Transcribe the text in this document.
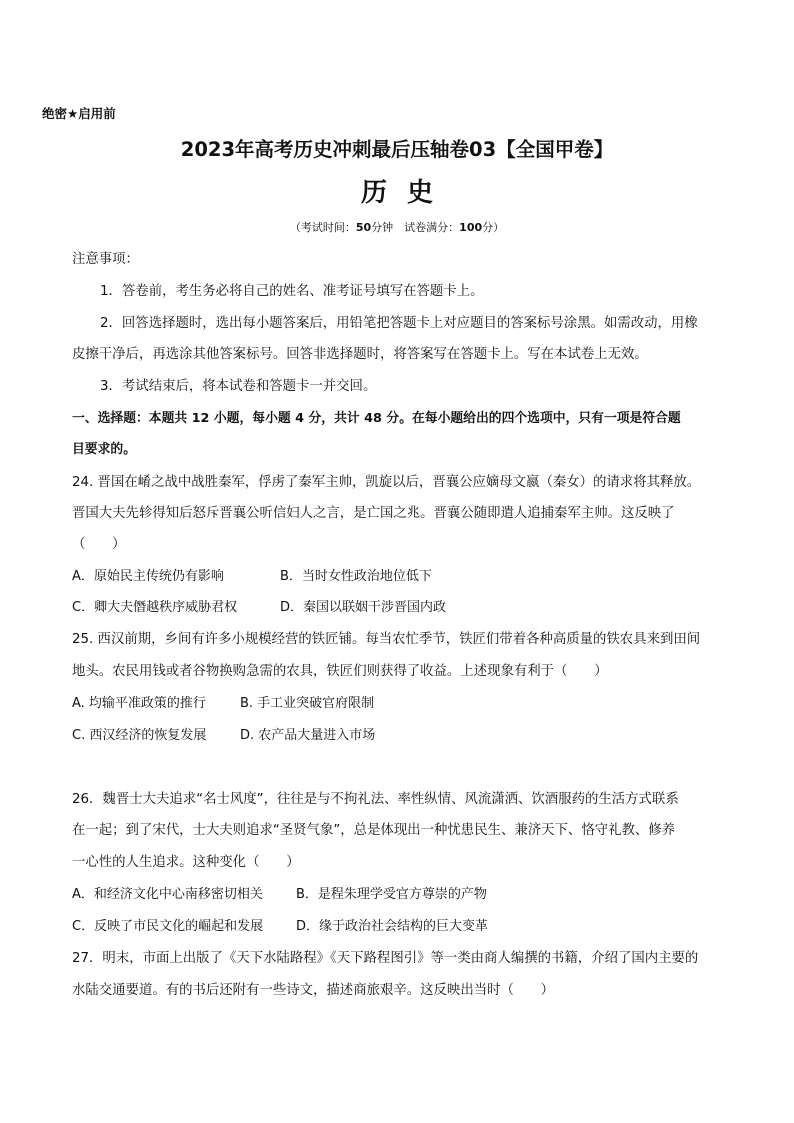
绝密★启用前
2023年高考历史冲刺最后压轴卷03【全国甲卷】
历史
（考试时间：50分钟　试卷满分：100分）
注意事项：
1．答卷前，考生务必将自己的姓名、准考证号填写在答题卡上。
2．回答选择题时，选出每小题答案后，用铅笔把答题卡上对应题目的答案标号涂黑。如需改动，用橡
皮擦干净后，再选涂其他答案标号。回答非选择题时，将答案写在答题卡上。写在本试卷上无效。
3．考试结束后，将本试卷和答题卡一并交回。
一、选择题：本题共 12 小题，每小题 4 分，共计 48 分。在每小题给出的四个选项中，只有一项是符合题
目要求的。
24. 晋国在崤之战中战胜秦军，俘虏了秦军主帅，凯旋以后，晋襄公应嫡母文嬴（秦女）的请求将其释放。
晋国大夫先轸得知后怒斥晋襄公听信妇人之言，是亡国之兆。晋襄公随即遣人追捕秦军主帅。这反映了
（　　）
A．原始民主传统仍有影响	B．当时女性政治地位低下
C．卿大夫僭越秩序威胁君权	D．秦国以联姻干涉晋国内政
25. 西汉前期，乡间有许多小规模经营的铁匠铺。每当农忙季节，铁匠们带着各种高质量的铁农具来到田间
地头。农民用钱或者谷物换购急需的农具，铁匠们则获得了收益。上述现象有利于（　　）
A. 均输平准政策的推行	B. 手工业突破官府限制
C. 西汉经济的恢复发展	D. 农产品大量进入市场
26．魏晋士大夫追求“名士风度”，往往是与不拘礼法、率性纵情、风流潇洒、饮酒服药的生活方式联系
在一起；到了宋代，士大夫则追求“圣贤气象”，总是体现出一种忧患民生、兼济天下、恪守礼教、修养
一心性的人生追求。这种变化（　　）
A．和经济文化中心南移密切相关	B．是程朱理学受官方尊崇的产物
C．反映了市民文化的崛起和发展	D．缘于政治社会结构的巨大变革
27．明末，市面上出版了《天下水陆路程》《天下路程图引》等一类由商人编撰的书籍，介绍了国内主要的
水陆交通要道。有的书后还附有一些诗文，描述商旅艰辛。这反映出当时（　　）
